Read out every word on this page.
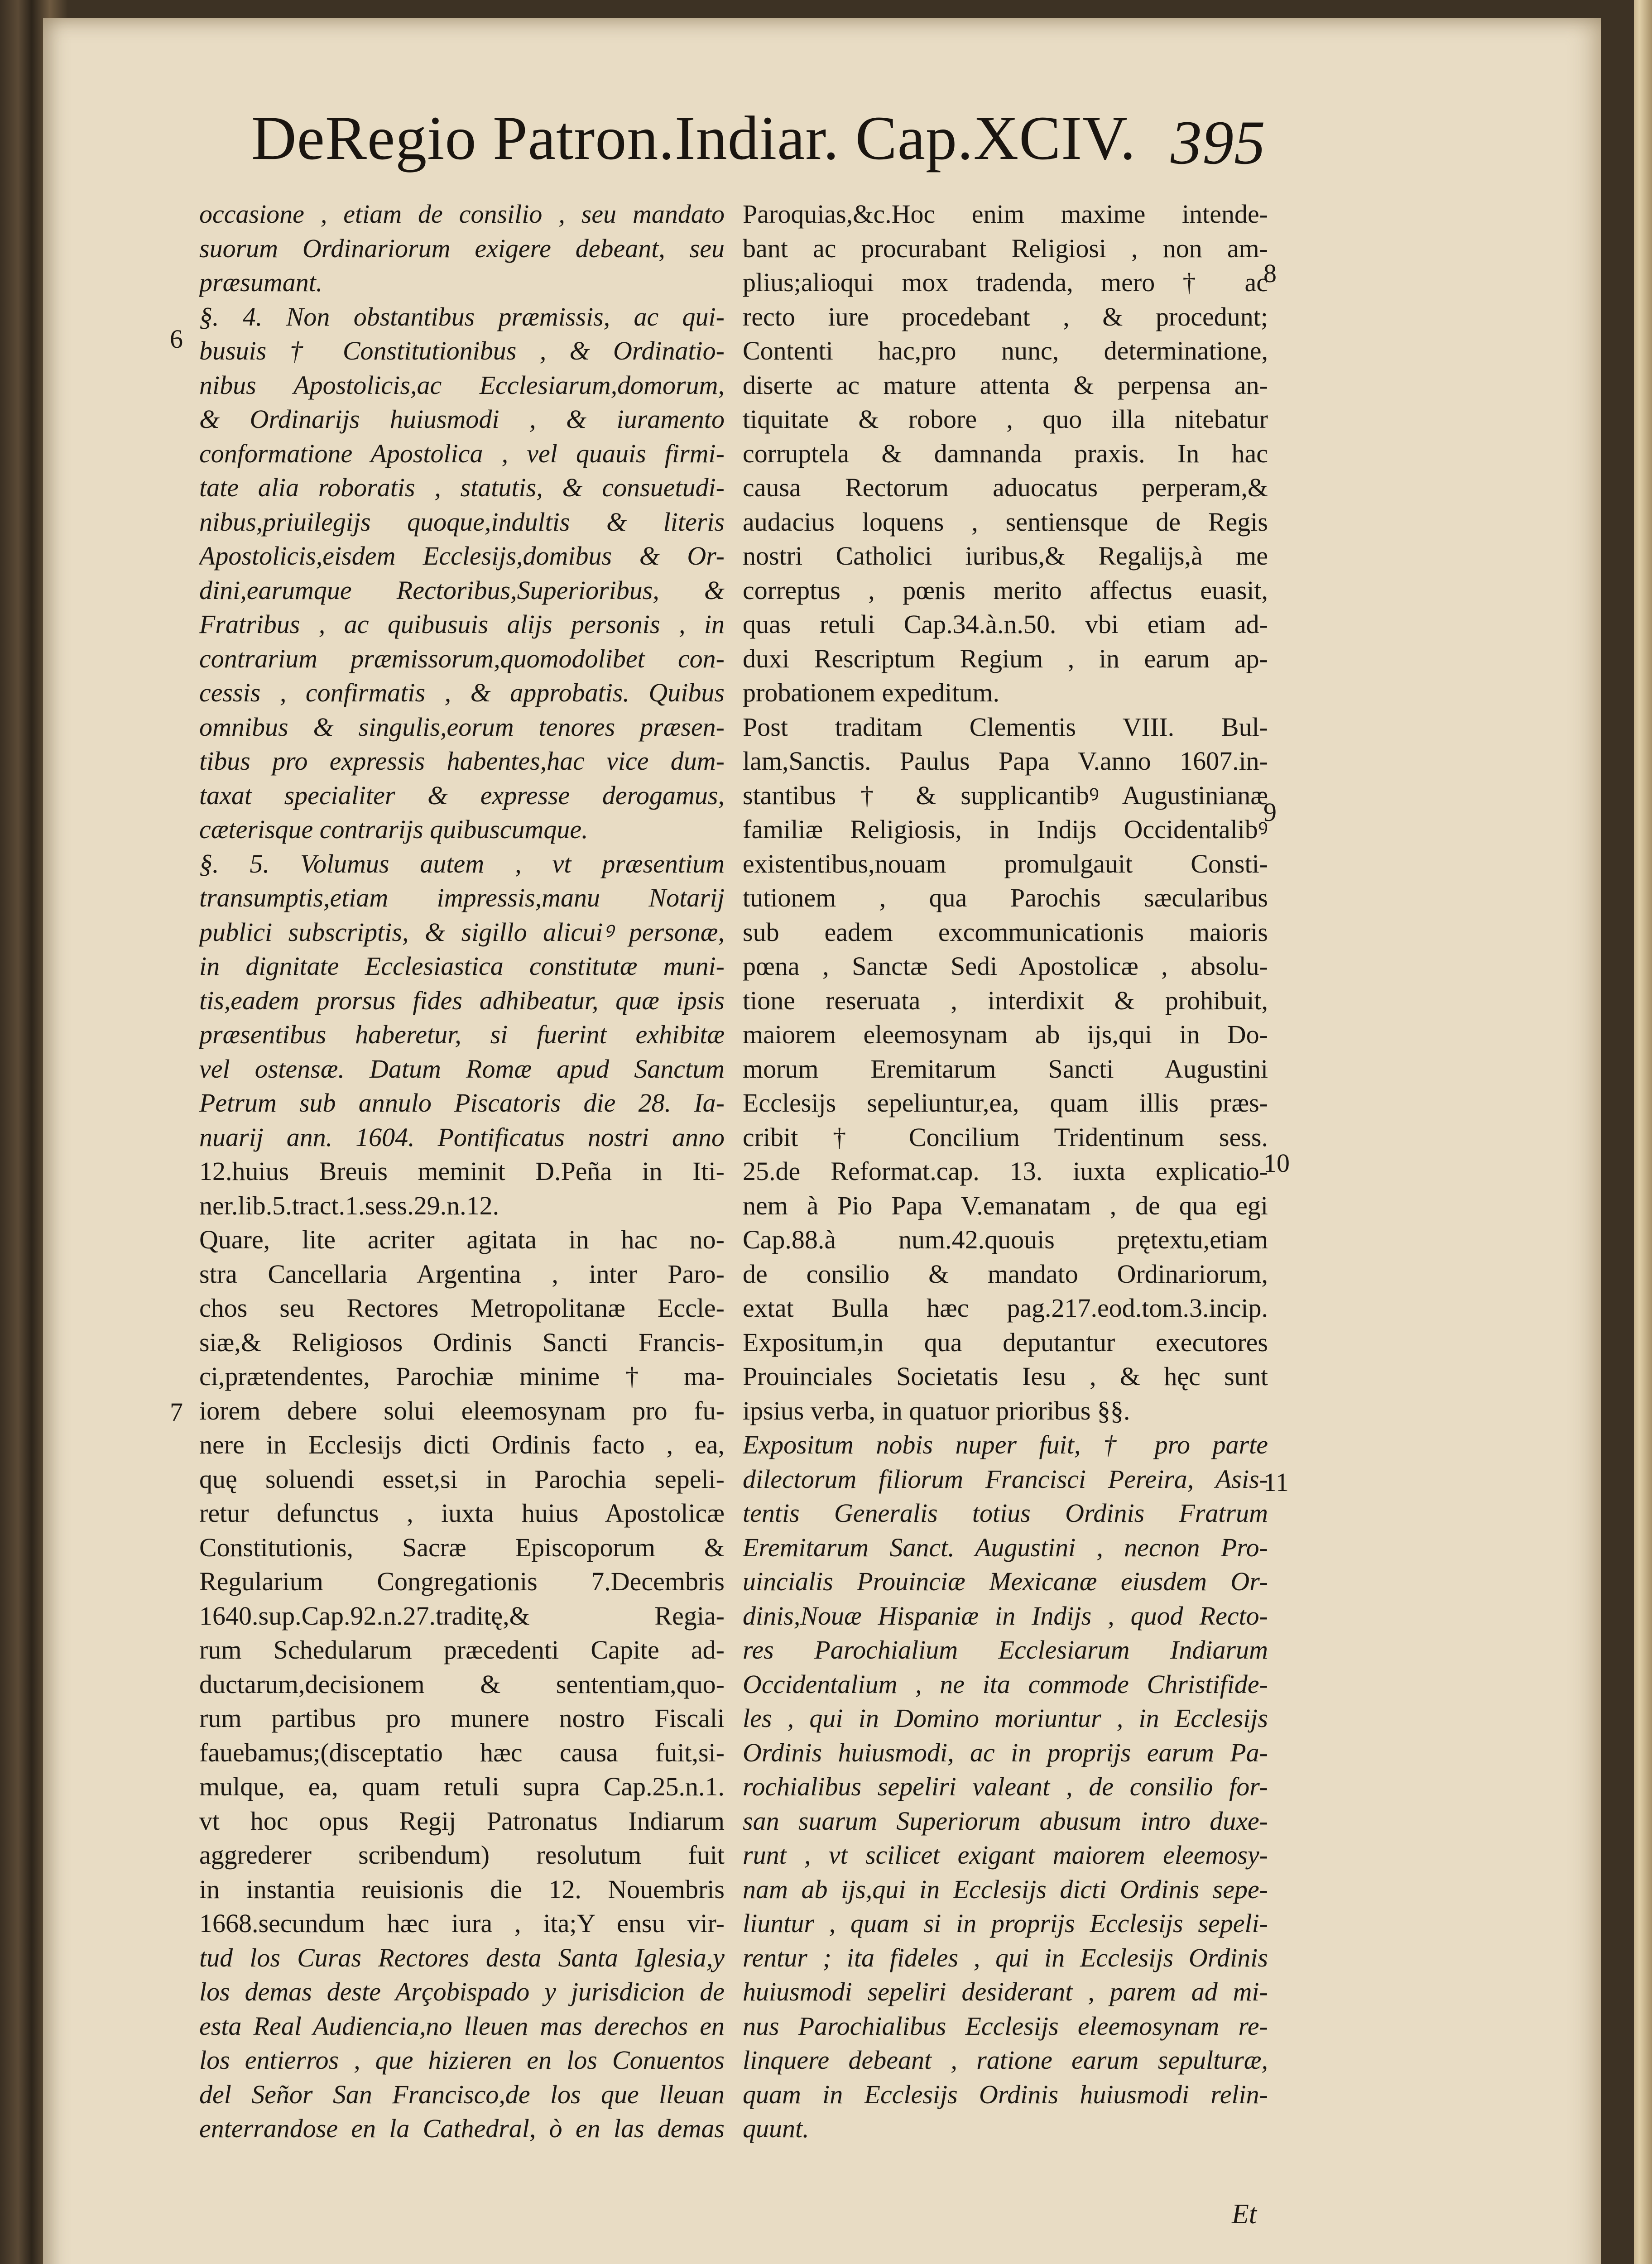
DeRegio Patron.Indiar. Cap.XCIV. 395
occasione , etiam de consilio , seu mandato
suorum Ordinariorum exigere debeant, seu
præsumant.
§. 4. Non obstantibus præmissis, ac qui-
busuis † Constitutionibus , & Ordinatio-
nibus Apostolicis,ac Ecclesiarum,domorum,
& Ordinarijs huiusmodi , & iuramento
conformatione Apostolica , vel quauis firmi-
tate alia roboratis , statutis, & consuetudi-
nibus,priuilegijs quoque,indultis & literis
Apostolicis,eisdem Ecclesijs,domibus & Or-
dini,earumque Rectoribus,Superioribus, &
Fratribus , ac quibusuis alijs personis , in
contrarium præmissorum,quomodolibet con-
cessis , confirmatis , & approbatis. Quibus
omnibus & singulis,eorum tenores præsen-
tibus pro expressis habentes,hac vice dum-
taxat specialiter & expresse derogamus,
cæterisque contrarijs quibuscumque.
§. 5. Volumus autem , vt præsentium
transumptis,etiam impressis,manu Notarij
publici subscriptis, & sigillo alicuiꝰ personæ,
in dignitate Ecclesiastica constitutæ muni-
tis,eadem prorsus fides adhibeatur, quæ ipsis
præsentibus haberetur, si fuerint exhibitæ
vel ostensæ. Datum Romæ apud Sanctum
Petrum sub annulo Piscatoris die 28. Ia-
nuarij ann. 1604. Pontificatus nostri anno
12.huius Breuis meminit D.Peña in Iti-
ner.lib.5.tract.1.sess.29.n.12.
Quare, lite acriter agitata in hac no-
stra Cancellaria Argentina , inter Paro-
chos seu Rectores Metropolitanæ Eccle-
siæ,& Religiosos Ordinis Sancti Francis-
ci,prætendentes, Parochiæ minime † ma-
iorem debere solui eleemosynam pro fu-
nere in Ecclesijs dicti Ordinis facto , ea,
quę soluendi esset,si in Parochia sepeli-
retur defunctus , iuxta huius Apostolicæ
Constitutionis, Sacræ Episcoporum &
Regularium Congregationis 7.Decembris
1640.sup.Cap.92.n.27.traditę,& Regia-
rum Schedularum præcedenti Capite ad-
ductarum,decisionem & sententiam,quo-
rum partibus pro munere nostro Fiscali
fauebamus;(disceptatio hæc causa fuit,si-
mulque, ea, quam retuli supra Cap.25.n.1.
vt hoc opus Regij Patronatus Indiarum
aggrederer scribendum) resolutum fuit
in instantia reuisionis die 12. Nouembris
1668.secundum hæc iura , ita;Y ensu vir-
tud los Curas Rectores desta Santa Iglesia,y
los demas deste Arçobispado y jurisdicion de
esta Real Audiencia,no lleuen mas derechos en
los entierros , que hizieren en los Conuentos
del Señor San Francisco,de los que lleuan
enterrandose en la Cathedral, ò en las demas
Paroquias,&c.Hoc enim maxime intende-
bant ac procurabant Religiosi , non am-
plius;alioqui mox tradenda, mero † ac
recto iure procedebant , & procedunt;
Contenti hac,pro nunc, determinatione,
diserte ac mature attenta & perpensa an-
tiquitate & robore , quo illa nitebatur
corruptela & damnanda praxis. In hac
causa Rectorum aduocatus perperam,&
audacius loquens , sentiensque de Regis
nostri Catholici iuribus,& Regalijs,à me
correptus , pœnis merito affectus euasit,
quas retuli Cap.34.à.n.50. vbi etiam ad-
duxi Rescriptum Regium , in earum ap-
probationem expeditum.
Post traditam Clementis VIII. Bul-
lam,Sanctis. Paulus Papa V.anno 1607.in-
stantibus † & supplicantibꝰ Augustinianæ
familiæ Religiosis, in Indijs Occidentalibꝰ
existentibus,nouam promulgauit Consti-
tutionem , qua Parochis sæcularibus
sub eadem excommunicationis maioris
pœna , Sanctæ Sedi Apostolicæ , absolu-
tione reseruata , interdixit & prohibuit,
maiorem eleemosynam ab ijs,qui in Do-
morum Eremitarum Sancti Augustini
Ecclesijs sepeliuntur,ea, quam illis præs-
cribit † Concilium Tridentinum sess.
25.de Reformat.cap. 13. iuxta explicatio-
nem à Pio Papa V.emanatam , de qua egi
Cap.88.à num.42.quouis prętextu,etiam
de consilio & mandato Ordinariorum,
extat Bulla hæc pag.217.eod.tom.3.incip.
Expositum,in qua deputantur executores
Prouinciales Societatis Iesu , & hęc sunt
ipsius verba, in quatuor prioribus §§.
Expositum nobis nuper fuit, † pro parte
dilectorum filiorum Francisci Pereira, Asis-
tentis Generalis totius Ordinis Fratrum
Eremitarum Sanct. Augustini , necnon Pro-
uincialis Prouinciæ Mexicanæ eiusdem Or-
dinis,Nouæ Hispaniæ in Indijs , quod Recto-
res Parochialium Ecclesiarum Indiarum
Occidentalium , ne ita commode Christifide-
les , qui in Domino moriuntur , in Ecclesijs
Ordinis huiusmodi, ac in proprijs earum Pa-
rochialibus sepeliri valeant , de consilio for-
san suarum Superiorum abusum intro duxe-
runt , vt scilicet exigant maiorem eleemosy-
nam ab ijs,qui in Ecclesijs dicti Ordinis sepe-
liuntur , quam si in proprijs Ecclesijs sepeli-
rentur ; ita fideles , qui in Ecclesijs Ordinis
huiusmodi sepeliri desiderant , parem ad mi-
nus Parochialibus Ecclesijs eleemosynam re-
linquere debeant , ratione earum sepulturæ,
quam in Ecclesijs Ordinis huiusmodi relin-
quunt.
6
7
8
9
10
11
Et
